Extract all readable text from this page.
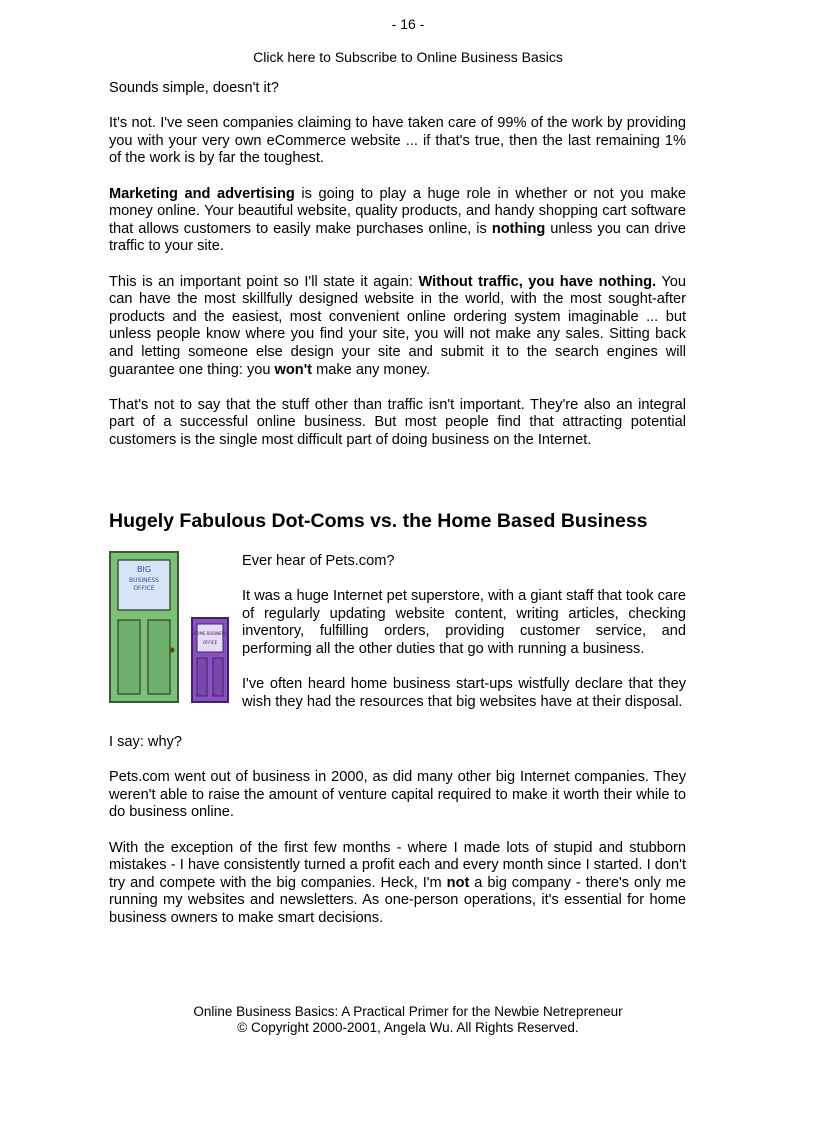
- 16 -
Click here to Subscribe to Online Business Basics

Sounds simple, doesn't it?

It's not. I've seen companies claiming to have taken care of 99% of the work by providing you with your very own eCommerce website ... if that's true, then the last remaining 1% of the work is by far the toughest.

Marketing and advertising is going to play a huge role in whether or not you make money online. Your beautiful website, quality products, and handy shopping cart software that allows customers to easily make purchases online, is nothing unless you can drive traffic to your site.

This is an important point so I'll state it again: Without traffic, you have nothing. You can have the most skillfully designed website in the world, with the most sought-after products and the easiest, most convenient online ordering system imaginable ... but unless people know where you find your site, you will not make any sales. Sitting back and letting someone else design your site and submit it to the search engines will guarantee one thing: you won't make any money.

That's not to say that the stuff other than traffic isn't important. They're also an integral part of a successful online business. But most people find that attracting potential customers is the single most difficult part of doing business on the Internet.

Hugely Fabulous Dot-Coms vs. the Home Based Business
BIG
BUSINESS
OFFICE
HOME BUSINESS
OFFICE

Ever hear of Pets.com?

It was a huge Internet pet superstore, with a giant staff that took care of regularly updating website content, writing articles, checking inventory, fulfilling orders, providing customer service, and performing all the other duties that go with running a business.

I've often heard home business start-ups wistfully declare that they wish they had the resources that big websites have at their disposal.

I say: why?

Pets.com went out of business in 2000, as did many other big Internet companies. They weren't able to raise the amount of venture capital required to make it worth their while to do business online.

With the exception of the first few months - where I made lots of stupid and stubborn mistakes - I have consistently turned a profit each and every month since I started. I don't try and compete with the big companies. Heck, I'm not a big company - there's only me running my websites and newsletters. As one-person operations, it's essential for home business owners to make smart decisions.

Online Business Basics: A Practical Primer for the Newbie Netrepreneur
© Copyright 2000-2001, Angela Wu. All Rights Reserved.
